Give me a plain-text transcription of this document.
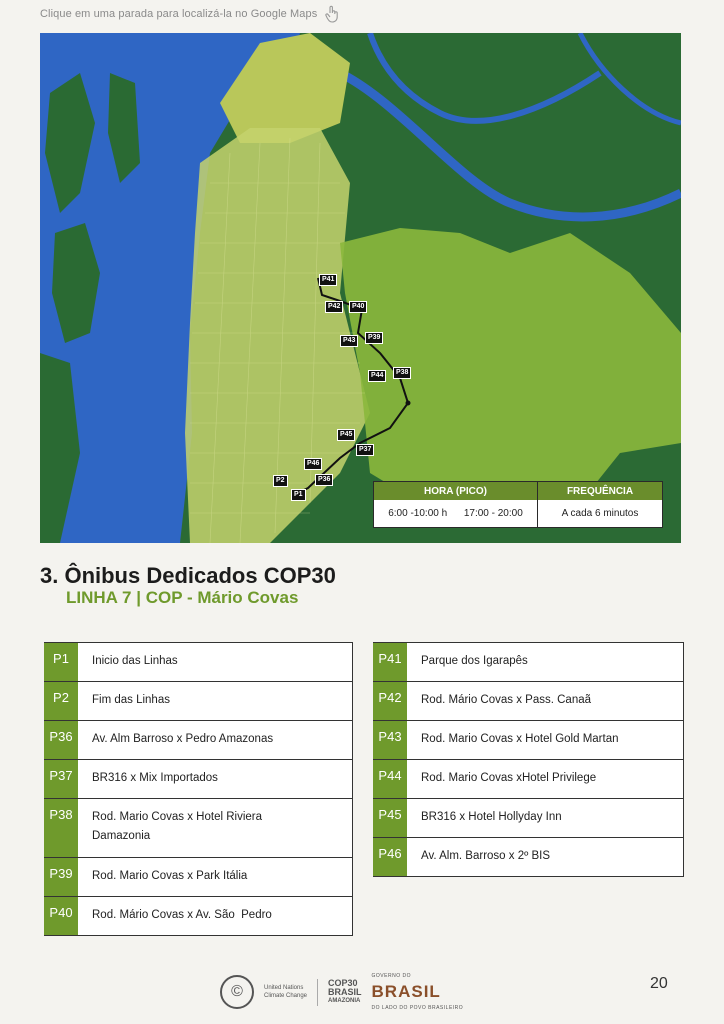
Clique em uma parada para localizá-la no Google Maps
P41
P42	P40
P43	P39
P44	P38
P45
P37
P46
P2	P36
P1	HORA (PICO)	FREQUÊNCIA
6:00 -10:00 h      17:00 - 20:00	A cada 6 minutos
3. Ônibus Dedicados COP30
LINHA 7 | COP - Mário Covas
P1	Inicio das Linhas
P2	Fim das Linhas
P36	Av. Alm Barroso x Pedro Amazonas
P37	BR316 x Mix Importados
P38	Rod. Mario Covas x Hotel Riviera Damazonia
P39	Rod. Mario Covas x Park Itália
P40	Rod. Mário Covas x Av. São  Pedro
P41	Parque dos Igarapês
P42	Rod. Mário Covas x Pass. Canaã
P43	Rod. Mario Covas x Hotel Gold Martan
P44	Rod. Mario Covas xHotel Privilege
P45	BR316 x Hotel Hollyday Inn
P46	Av. Alm. Barroso x 2º BIS
©	United Nations
Climate Change
COP30
BRASIL
AMAZONIA
GOVERNO DO
BRASIL
DO LADO DO POVO BRASILEIRO
20
